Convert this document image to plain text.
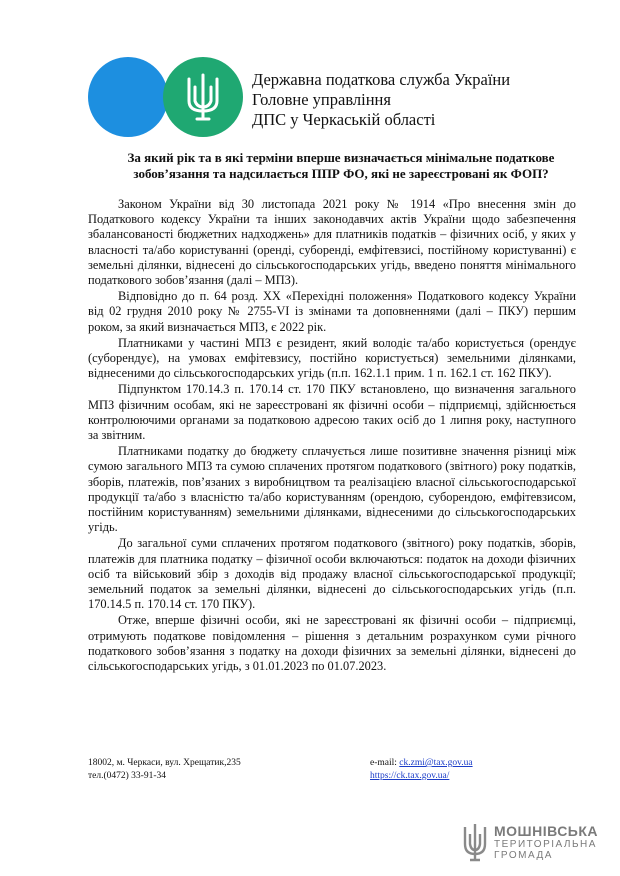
Державна податкова служба України
Головне управління
ДПС у Черкаській області
За який рік та в які терміни вперше визначається мінімальне податкове зобов’язання та надсилається ППР ФО, які не зареєстровані як ФОП?

Законом України від 30 листопада 2021 року № 1914 «Про внесення змін до Податкового кодексу України та інших законодавчих актів України щодо забезпечення збалансованості бюджетних надходжень» для платників податків – фізичних осіб, у яких у власності та/або користуванні (оренді, суборенді, емфітевзисі, постійному користуванні) є земельні ділянки, віднесені до сільськогосподарських угідь, введено поняття мінімального податкового зобов’язання (далі – МПЗ).

Відповідно до п. 64 розд. XX «Перехідні положення» Податкового кодексу України від 02 грудня 2010 року № 2755-VI із змінами та доповненнями (далі – ПКУ) першим роком, за який визначається МПЗ, є 2022 рік.

Платниками у частині МПЗ є резидент, який володіє та/або користується (орендує (суборендує), на умовах емфітевзису, постійно користується) земельними ділянками, віднесеними до сільськогосподарських угідь (п.п. 162.1.1 прим. 1 п. 162.1 ст. 162 ПКУ).

Підпунктом 170.14.3 п. 170.14 ст. 170 ПКУ встановлено, що визначення загального МПЗ фізичним особам, які не зареєстровані як фізичні особи – підприємці, здійснюється контролюючими органами за податковою адресою таких осіб до 1 липня року, наступного за звітним.

Платниками податку до бюджету сплачується лише позитивне значення різниці між сумою загального МПЗ та сумою сплачених протягом податкового (звітного) року податків, зборів, платежів, пов’язаних з виробництвом та реалізацією власної сільськогосподарської продукції та/або з власністю та/або користуванням (орендою, суборендою, емфітевзисом, постійним користуванням) земельними ділянками, віднесеними до сільськогосподарських угідь.

До загальної суми сплачених протягом податкового (звітного) року податків, зборів, платежів для платника податку – фізичної особи включаються: податок на доходи фізичних осіб та військовий збір з доходів від продажу власної сільськогосподарської продукції; земельний податок за земельні ділянки, віднесені до сільськогосподарських угідь (п.п. 170.14.5 п. 170.14 ст. 170 ПКУ).

Отже, вперше фізичні особи, які не зареєстровані як фізичні особи – підприємці, отримують податкове повідомлення – рішення з детальним розрахунком суми річного податкового зобов’язання з податку на доходи фізичних за земельні ділянки, віднесені до сільськогосподарських угідь, з 01.01.2023 по 01.07.2023.

18002, м. Черкаси, вул. Хрещатик,235
тел.(0472) 33-91-34
e-mail: ck.zmi@tax.gov.ua
https://ck.tax.gov.ua/
МОШНІВСЬКА
ТЕРИТОРІАЛЬНА
ГРОМАДА
